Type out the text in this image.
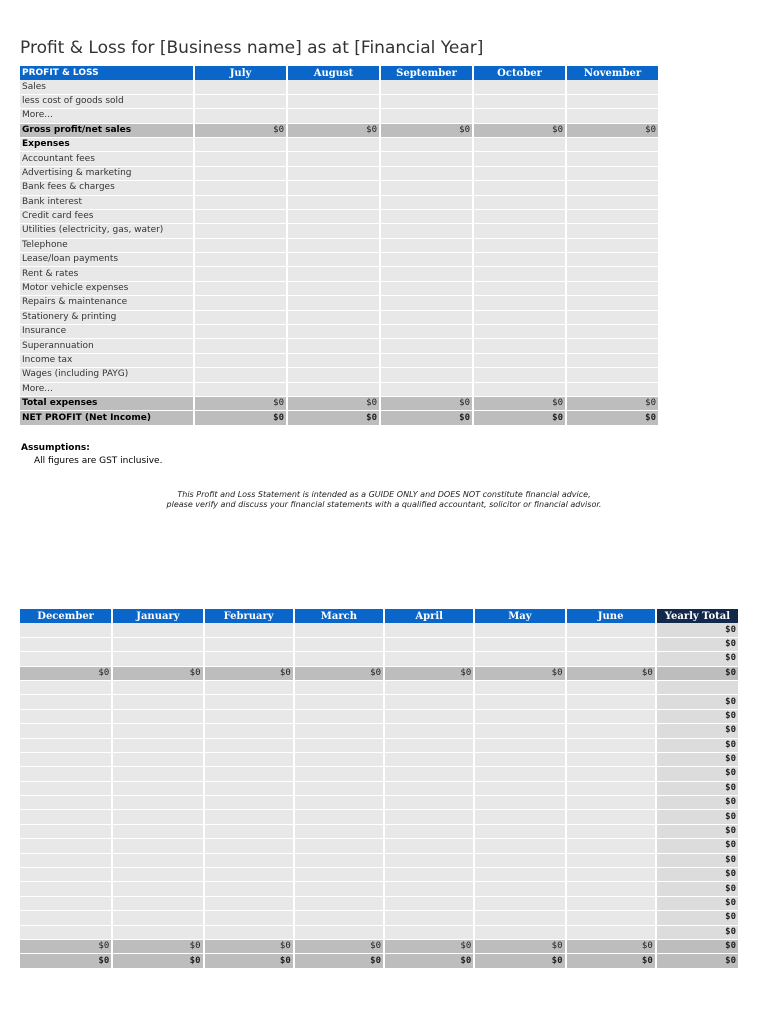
Profit & Loss for [Business name] as at [Financial Year]
PROFIT & LOSS	July	August	September	October	November
Sales					
less cost of goods sold					
More...					
Gross profit/net sales	$0	$0	$0	$0	$0
Expenses					
Accountant fees					
Advertising & marketing					
Bank fees & charges					
Bank interest					
Credit card fees					
Utilities (electricity, gas, water)					
Telephone					
Lease/loan payments					
Rent & rates					
Motor vehicle expenses					
Repairs & maintenance					
Stationery & printing					
Insurance					
Superannuation					
Income tax					
Wages (including PAYG)					
More...					
Total expenses	$0	$0	$0	$0	$0
NET PROFIT (Net Income)	$0	$0	$0	$0	$0
Assumptions:
All figures are GST inclusive.
This Profit and Loss Statement is intended as a GUIDE ONLY and DOES NOT constitute financial advice,
please verify and discuss your financial statements with a qualified accountant, solicitor or financial advisor.
December	January	February	March	April	May	June	Yearly Total
							$0
							$0
							$0
$0	$0	$0	$0	$0	$0	$0	$0

							$0
							$0
							$0
							$0
							$0
							$0
							$0
							$0
							$0
							$0
							$0
							$0
							$0
							$0
							$0
							$0
							$0
$0	$0	$0	$0	$0	$0	$0	$0
$0	$0	$0	$0	$0	$0	$0	$0
